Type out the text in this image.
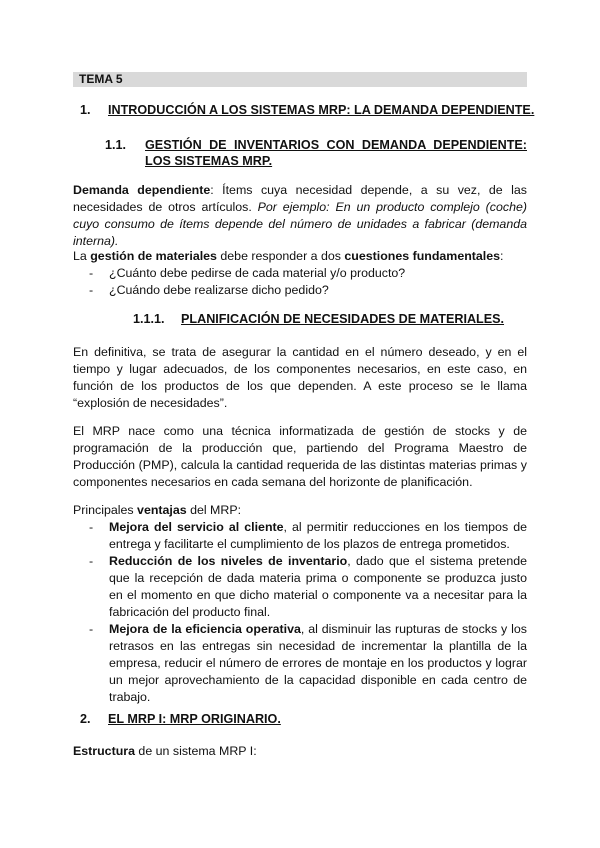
TEMA 5
1. INTRODUCCIÓN A LOS SISTEMAS MRP: LA DEMANDA DEPENDIENTE.
1.1. GESTIÓN DE INVENTARIOS CON DEMANDA DEPENDIENTE: LOS SISTEMAS MRP.
Demanda dependiente: Ítems cuya necesidad depende, a su vez, de las necesidades de otros artículos. Por ejemplo: En un producto complejo (coche) cuyo consumo de ítems depende del número de unidades a fabricar (demanda interna).
La gestión de materiales debe responder a dos cuestiones fundamentales:
- ¿Cuánto debe pedirse de cada material y/o producto?
- ¿Cuándo debe realizarse dicho pedido?
1.1.1. PLANIFICACIÓN DE NECESIDADES DE MATERIALES.
En definitiva, se trata de asegurar la cantidad en el número deseado, y en el tiempo y lugar adecuados, de los componentes necesarios, en este caso, en función de los productos de los que dependen. A este proceso se le llama “explosión de necesidades”.
El MRP nace como una técnica informatizada de gestión de stocks y de programación de la producción que, partiendo del Programa Maestro de Producción (PMP), calcula la cantidad requerida de las distintas materias primas y componentes necesarios en cada semana del horizonte de planificación.
Principales ventajas del MRP:
- Mejora del servicio al cliente, al permitir reducciones en los tiempos de entrega y facilitarte el cumplimiento de los plazos de entrega prometidos.
- Reducción de los niveles de inventario, dado que el sistema pretende que la recepción de dada materia prima o componente se produzca justo en el momento en que dicho material o componente va a necesitar para la fabricación del producto final.
- Mejora de la eficiencia operativa, al disminuir las rupturas de stocks y los retrasos en las entregas sin necesidad de incrementar la plantilla de la empresa, reducir el número de errores de montaje en los productos y lograr un mejor aprovechamiento de la capacidad disponible en cada centro de trabajo.
2. EL MRP I: MRP ORIGINARIO.
Estructura de un sistema MRP I:
